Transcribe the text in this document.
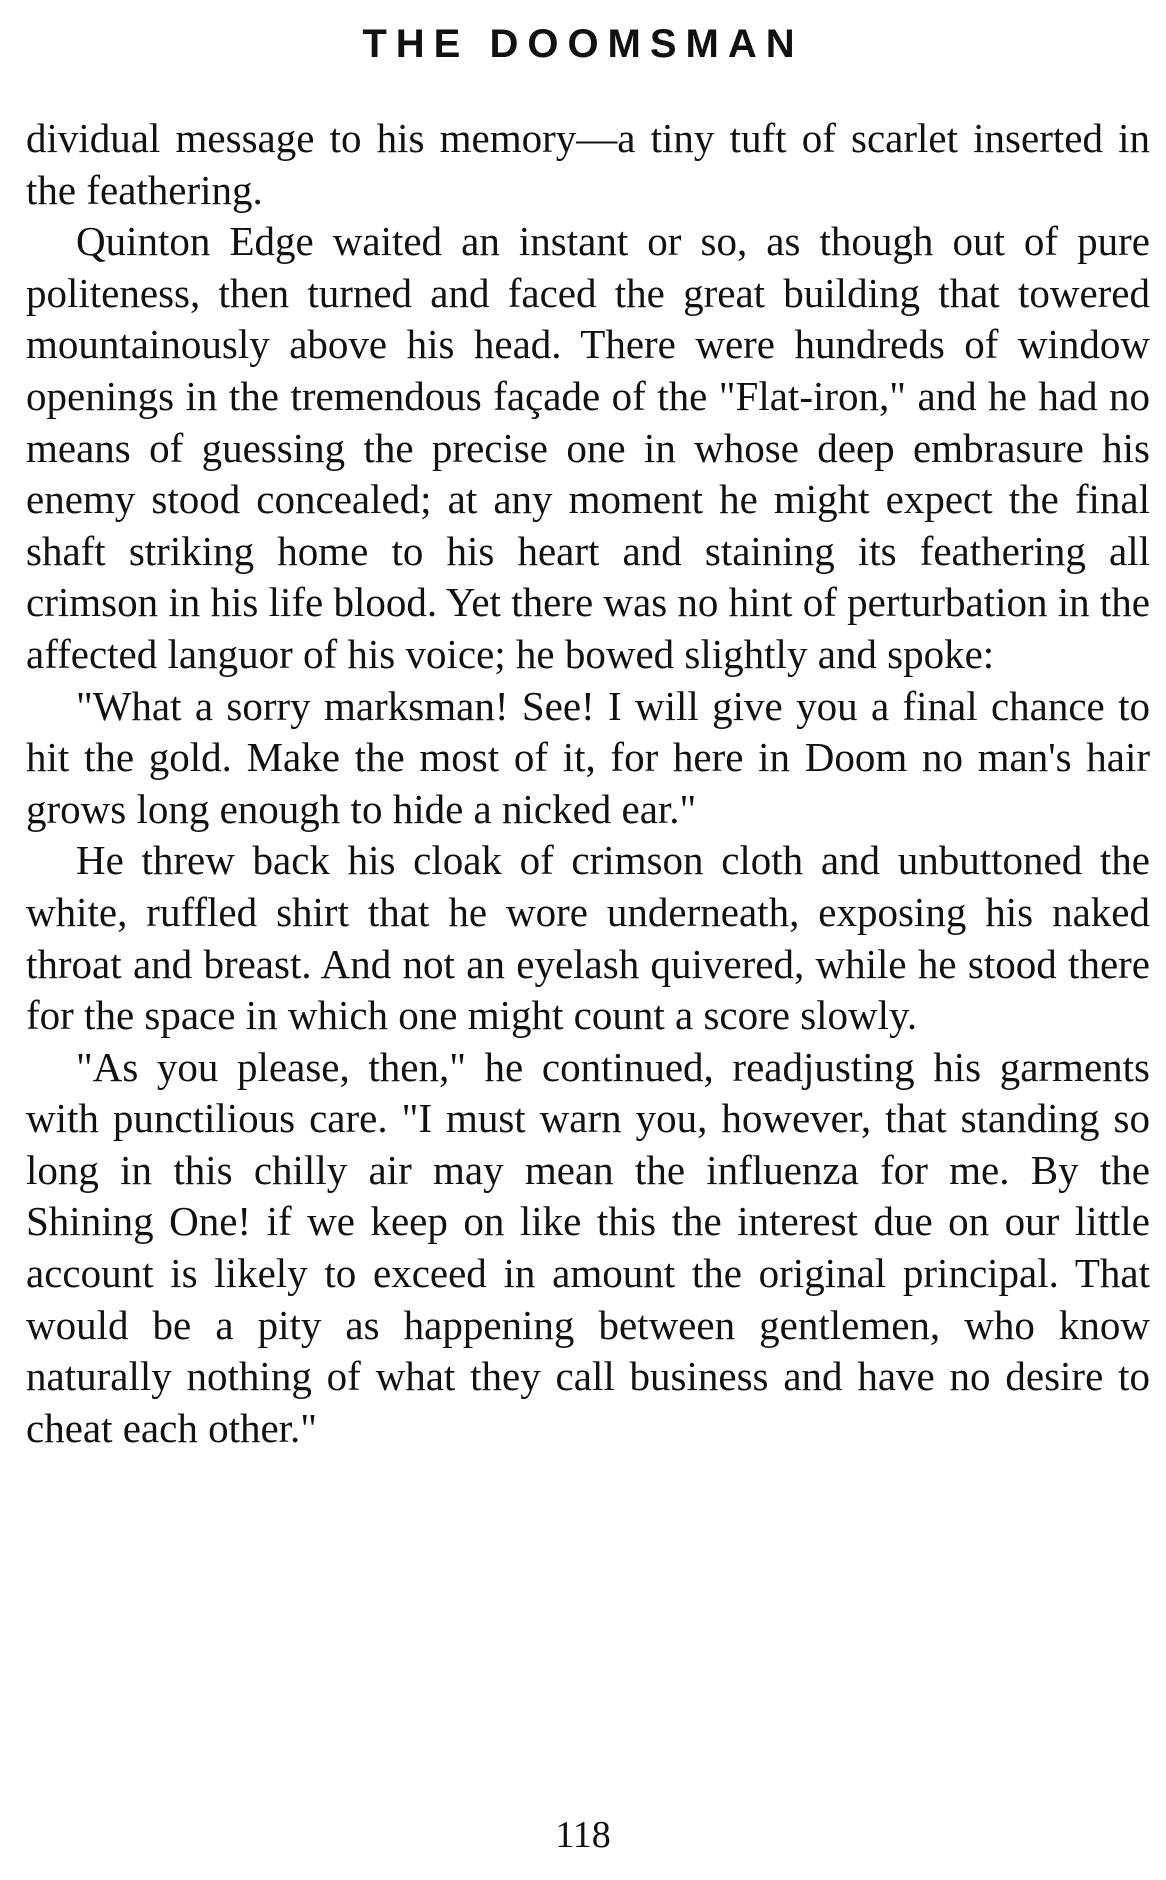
THE DOOMSMAN

dividual message to his memory—a tiny tuft of scarlet inserted in the feathering.

Quinton Edge waited an instant or so, as though out of pure politeness, then turned and faced the great building that towered mountainously above his head. There were hundreds of window openings in the tremendous façade of the "Flat-iron," and he had no means of guessing the precise one in whose deep embrasure his enemy stood concealed; at any moment he might expect the final shaft striking home to his heart and staining its feathering all crimson in his life blood. Yet there was no hint of perturbation in the affected languor of his voice; he bowed slightly and spoke:

"What a sorry marksman! See! I will give you a final chance to hit the gold. Make the most of it, for here in Doom no man's hair grows long enough to hide a nicked ear."

He threw back his cloak of crimson cloth and unbuttoned the white, ruffled shirt that he wore underneath, exposing his naked throat and breast. And not an eyelash quivered, while he stood there for the space in which one might count a score slowly.

"As you please, then," he continued, readjusting his garments with punctilious care. "I must warn you, however, that standing so long in this chilly air may mean the influenza for me. By the Shining One! if we keep on like this the interest due on our little account is likely to exceed in amount the original principal. That would be a pity as happening between gentlemen, who know naturally nothing of what they call business and have no desire to cheat each other."

118
